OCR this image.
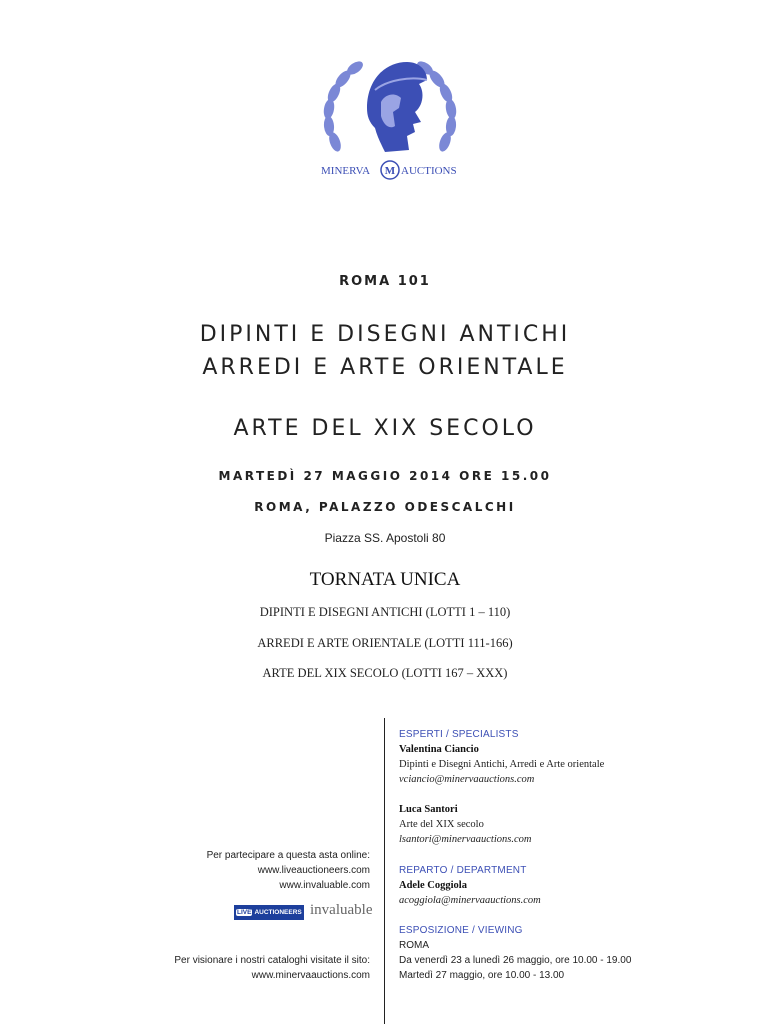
MINERVA M AUCTIONS
ROMA 101
DIPINTI E DISEGNI ANTICHI
ARREDI E ARTE ORIENTALE
ARTE DEL XIX SECOLO
MARTEDÌ 27 MAGGIO 2014 ORE 15.00
ROMA, PALAZZO ODESCALCHI
Piazza SS. Apostoli 80
TORNATA UNICA
DIPINTI E DISEGNI ANTICHI (LOTTI 1 – 110)
ARREDI E ARTE ORIENTALE (LOTTI 111-166)
ARTE DEL XIX SECOLO (LOTTI 167 – XXX)
ESPERTI / SPECIALISTS
Valentina Ciancio
Dipinti e Disegni Antichi, Arredi e Arte orientale
vciancio@minervaauctions.com
Luca Santori
Arte del XIX secolo
lsantori@minervaauctions.com
REPARTO / DEPARTMENT
Adele Coggiola
acoggiola@minervaauctions.com
ESPOSIZIONE / VIEWING
ROMA
Da venerdì 23 a lunedì 26 maggio, ore 10.00 - 19.00
Martedì 27 maggio, ore 10.00 - 13.00
Per partecipare a questa asta online:
www.liveauctioneers.com
www.invaluable.com
LIVE AUCTIONEERS invaluable
Per visionare i nostri cataloghi visitate il sito:
www.minervaauctions.com
